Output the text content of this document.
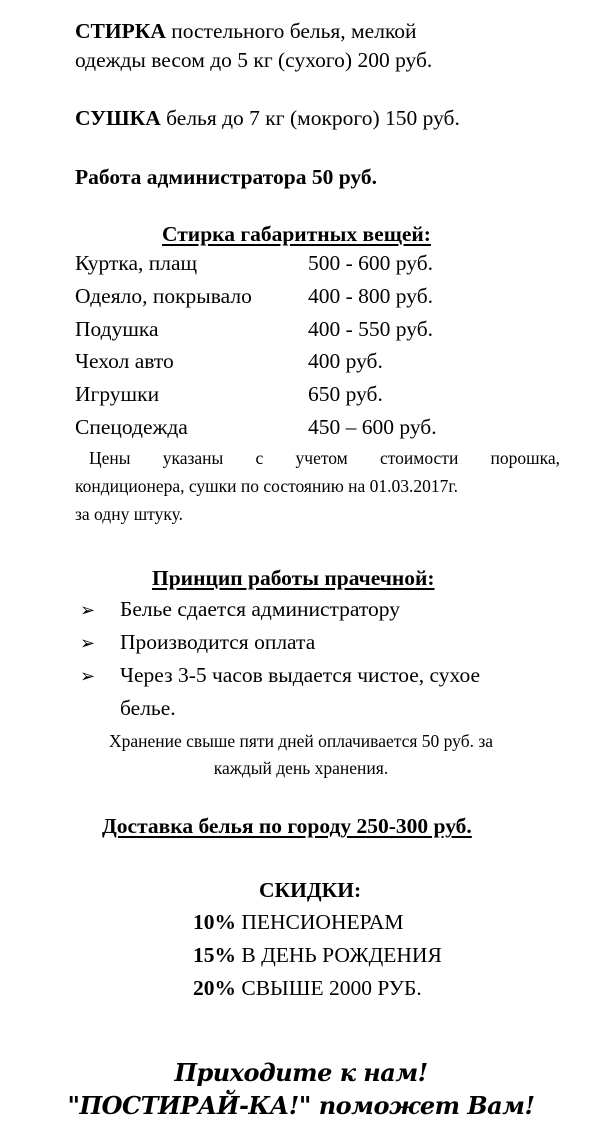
СТИРКА постельного белья, мелкой
одежды весом до 5 кг (сухого) 200 руб.
СУШКА белья до 7 кг (мокрого) 150 руб.
Работа администратора 50 руб.
Стирка габаритных вещей:
Куртка, плащ	500 - 600 руб.
Одеяло, покрывало	400 - 800 руб.
Подушка	400 - 550 руб.
Чехол авто	400 руб.
Игрушки	650 руб.
Спецодежда	450 – 600 руб.
Цены указаны с учетом стоимости порошка,
кондиционера, сушки по состоянию на 01.03.2017г.
за одну штуку.
Принцип работы прачечной:
➢ Белье сдается администратору
➢ Производится оплата
➢ Через 3-5 часов выдается чистое, сухое
белье.
Хранение свыше пяти дней оплачивается 50 руб. за
каждый день хранения.
Доставка белья по городу 250-300 руб.
СКИДКИ:
10% ПЕНСИОНЕРАМ
15% В ДЕНЬ РОЖДЕНИЯ
20% СВЫШЕ 2000 РУБ.
Приходите к нам!
"ПОСТИРАЙ-КА!" поможет Вам!
